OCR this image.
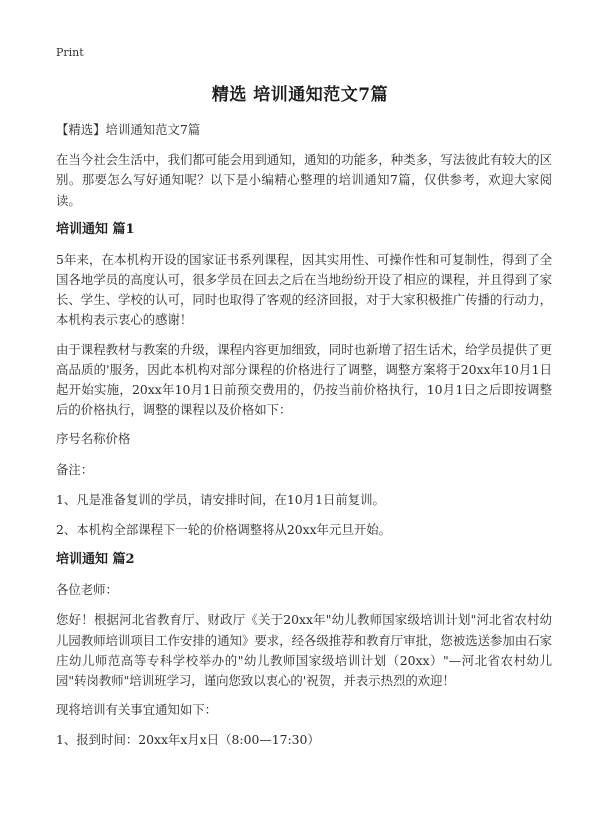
Print
精选 培训通知范文7篇

【精选】培训通知范文7篇

在当今社会生活中，我们都可能会用到通知，通知的功能多，种类多，写法彼此有较大的区别。那要怎么写好通知呢？以下是小编精心整理的培训通知7篇，仅供参考，欢迎大家阅读。

培训通知 篇1

5年来，在本机构开设的国家证书系列课程，因其实用性、可操作性和可复制性，得到了全国各地学员的高度认可，很多学员在回去之后在当地纷纷开设了相应的课程，并且得到了家长、学生、学校的认可，同时也取得了客观的经济回报，对于大家积极推广传播的行动力，本机构表示衷心的感谢！

由于课程教材与教案的升级，课程内容更加细致，同时也新增了招生话术，给学员提供了更高品质的'服务，因此本机构对部分课程的价格进行了调整，调整方案将于20xx年10月1日起开始实施，20xx年10月1日前预交费用的，仍按当前价格执行，10月1日之后即按调整后的价格执行，调整的课程以及价格如下：

序号名称价格

备注：

1、凡是准备复训的学员，请安排时间，在10月1日前复训。

2、本机构全部课程下一轮的价格调整将从20xx年元旦开始。

培训通知 篇2

各位老师：

您好！根据河北省教育厅、财政厅《关于20xx年"幼儿教师国家级培训计划"河北省农村幼儿园教师培训项目工作安排的通知》要求，经各级推荐和教育厅审批，您被选送参加由石家庄幼儿师范高等专科学校举办的"幼儿教师国家级培训计划（20xx）"—河北省农村幼儿园"转岗教师"培训班学习，谨向您致以衷心的'祝贺，并表示热烈的欢迎！

现将培训有关事宜通知如下：

1、报到时间：20xx年x月x日（8:00—17:30）
